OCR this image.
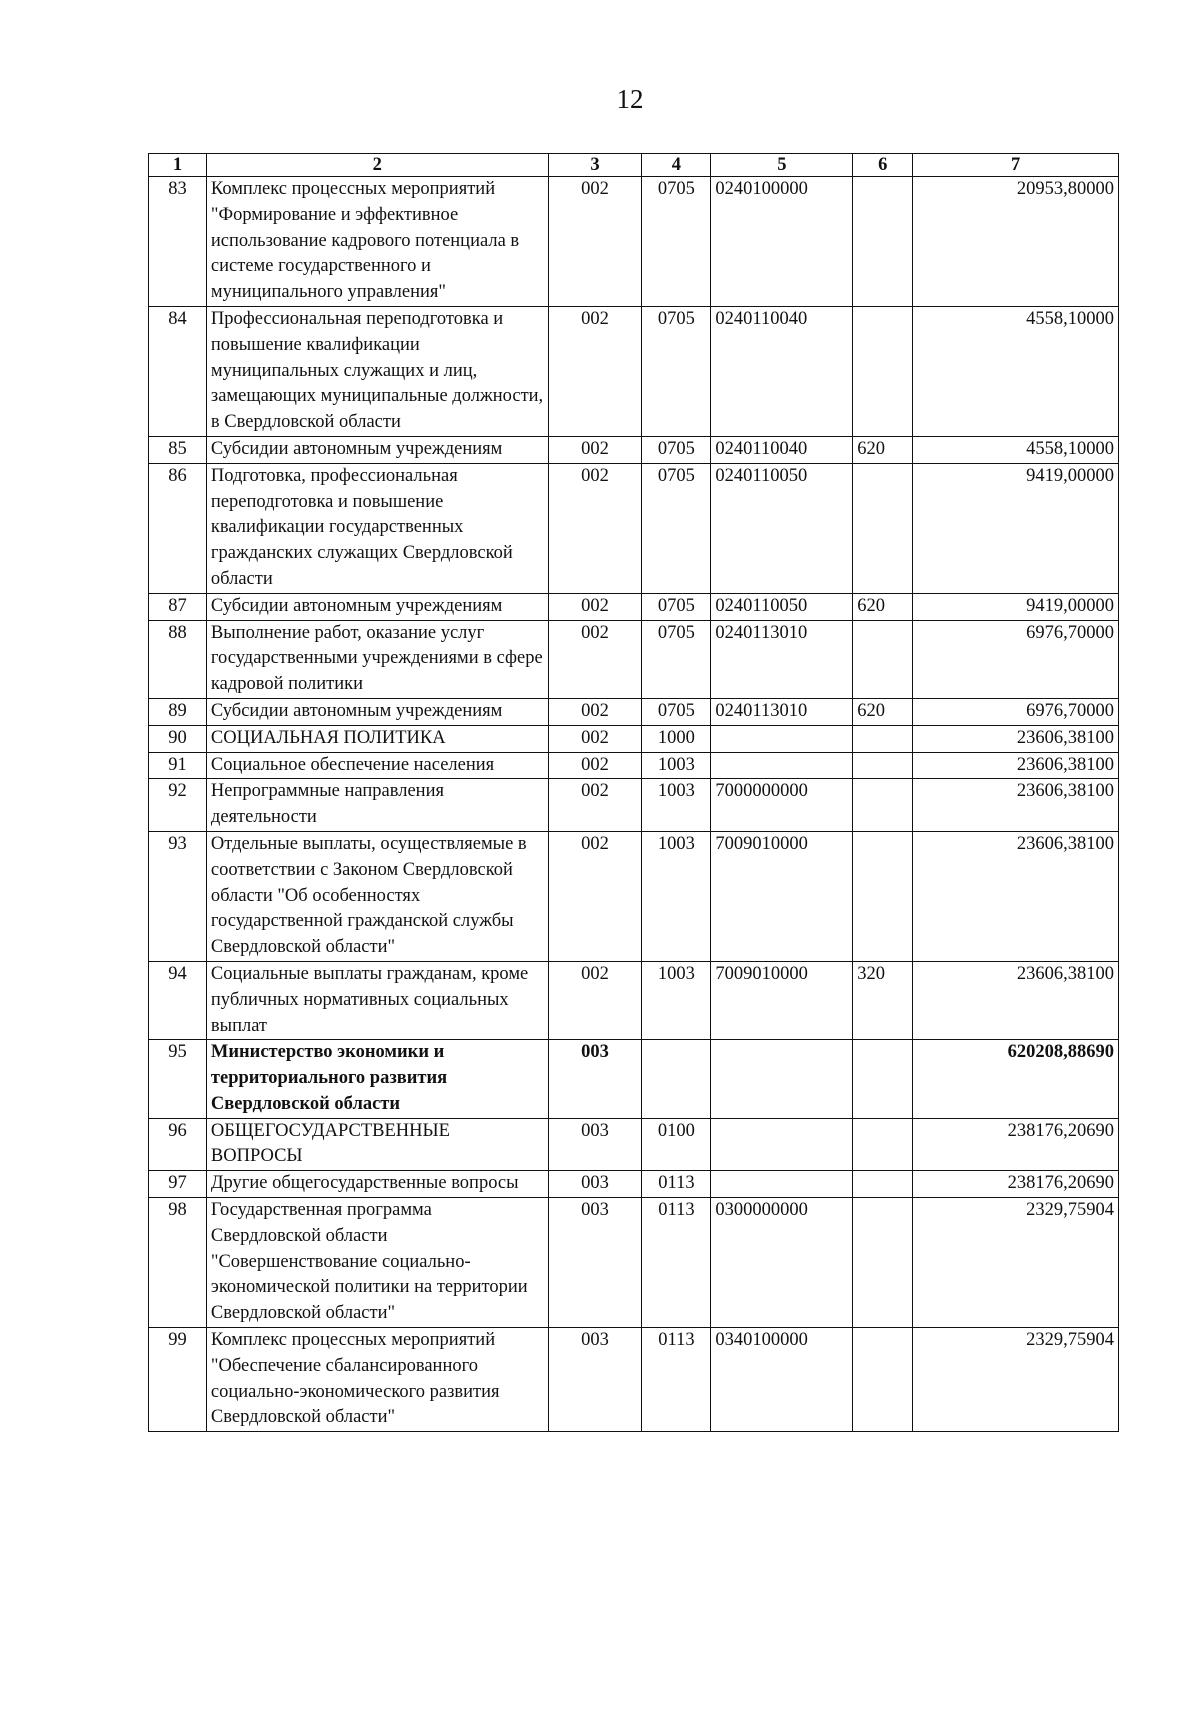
12
1	2	3	4	5	6	7
83	Комплекс процессных мероприятий "Формирование и эффективное использование кадрового потенциала в системе государственного и муниципального управления"	002	0705	0240100000		20953,80000
84	Профессиональная переподготовка и повышение квалификации муниципальных служащих и лиц, замещающих муниципальные должности, в Свердловской области	002	0705	0240110040		4558,10000
85	Субсидии автономным учреждениям	002	0705	0240110040	620	4558,10000
86	Подготовка, профессиональная переподготовка и повышение квалификации государственных гражданских служащих Свердловской области	002	0705	0240110050		9419,00000
87	Субсидии автономным учреждениям	002	0705	0240110050	620	9419,00000
88	Выполнение работ, оказание услуг государственными учреждениями в сфере кадровой политики	002	0705	0240113010		6976,70000
89	Субсидии автономным учреждениям	002	0705	0240113010	620	6976,70000
90	СОЦИАЛЬНАЯ ПОЛИТИКА	002	1000			23606,38100
91	Социальное обеспечение населения	002	1003			23606,38100
92	Непрограммные направления деятельности	002	1003	7000000000		23606,38100
93	Отдельные выплаты, осуществляемые в соответствии с Законом Свердловской области "Об особенностях государственной гражданской службы Свердловской области"	002	1003	7009010000		23606,38100
94	Социальные выплаты гражданам, кроме публичных нормативных социальных выплат	002	1003	7009010000	320	23606,38100
95	Министерство экономики и территориального развития Свердловской области	003				620208,88690
96	ОБЩЕГОСУДАРСТВЕННЫЕ ВОПРОСЫ	003	0100			238176,20690
97	Другие общегосударственные вопросы	003	0113			238176,20690
98	Государственная программа Свердловской области "Совершенствование социально-экономической политики на территории Свердловской области"	003	0113	0300000000		2329,75904
99	Комплекс процессных мероприятий "Обеспечение сбалансированного социально-экономического развития Свердловской области"	003	0113	0340100000		2329,75904
